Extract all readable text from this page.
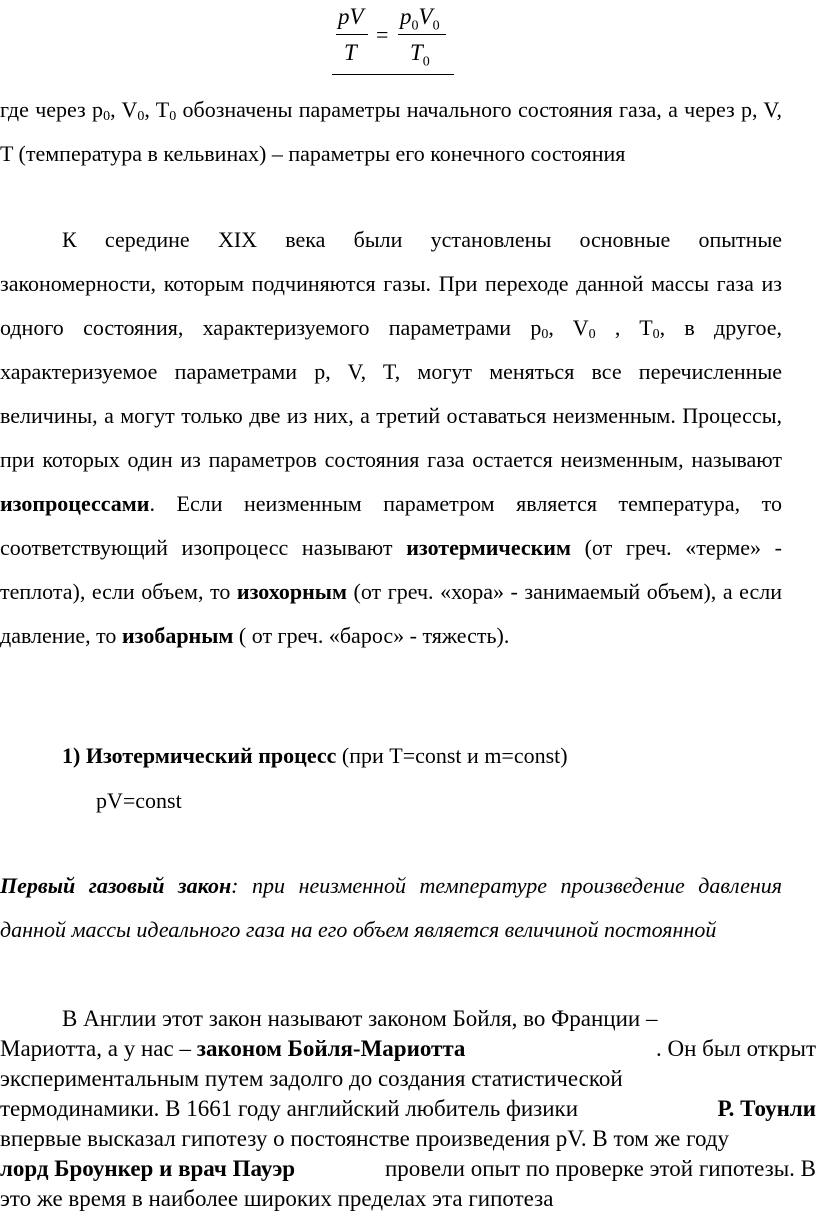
pV
T
=
$p_0V_0$
$T_0$
где через $p_0$, $V_0$, $T_0$ обозначены параметры начального состояния газа, а через p, V, T (температура в кельвинах) – параметры его конечного состояния
К середине XIX века были установлены основные опытные закономерности, которым подчиняются газы. При переходе данной массы газа из одного состояния, характеризуемого параметрами $p_0$, $V_0$ , $T_0$, в другое, характеризуемое параметрами p, V, T, могут меняться все перечисленные величины, а могут только две из них, а третий оставаться неизменным. Процессы, при которых один из параметров состояния газа остается неизменным, называют изопроцессами. Если неизменным параметром является температура, то соответствующий изопроцесс называют изотермическим (от греч. «терме» - теплота), если объем, то изохорным (от греч. «хора» - занимаемый объем), а если давление, то изобарным ( от греч. «барос» - тяжесть).
1) Изотермический процесс (при T=const и m=const)
pV=const
Первый газовый закон: при неизменной температуре произведение давления данной массы идеального газа на его объем является величиной постоянной
В Англии этот закон называют законом Бойля, во Франции –
Мариотта, а у нас – законом Бойля-Мариотта	. Он был открыт
экспериментальным путем задолго до создания статистической
термодинамики. В 1661 году английский любитель физики	Р. Тоунли
впервые высказал гипотезу о постоянстве произведения pV. В том же году
лорд Броункер и врач Пауэр	провели опыт по проверке этой гипотезы. В
это же время в наиболее широких пределах эта гипотеза
